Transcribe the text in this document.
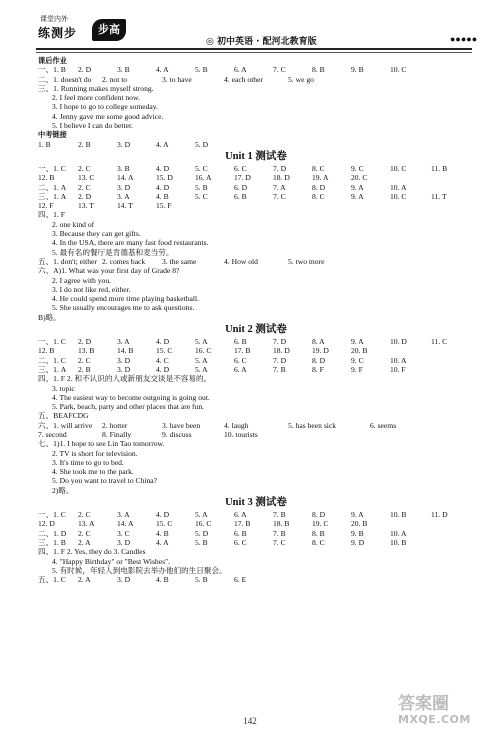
课堂内外
练测步	步高
◎ 初中英语 · 配河北教育版	●●●●●
课后作业
一、1. B 2. D	3. B	4. A	5. B	6. A	7. C	8. B	9. B	10. C
二、1. doesn't do 2. not to	3. to have	4. each other	5. we go
三、1. Running makes myself strong.
2. I feel more confident now.
3. I hope to go to college someday.
4. Jenny gave me some good advice.
5. I believe I can do better.
中考链接
1. B	2. B	3. D	4. A	5. D
Unit 1 测试卷
一、1. C 2. C	3. B	4. D	5. C	6. C	7. D	8. C	9. C	10. C	11. B
12. B	13. C	14. A	15. D	16. A	17. D	18. D	19. A	20. C
二、1. A 2. C	3. D	4. D	5. B	6. D	7. A	8. D	9. A	10. A
三、1. A 2. D	3. A	4. B	5. C	6. B	7. C	8. C	9. A	10. C	11. T
12. F	13. T	14. T	15. F
四、1. F
2. one kind of
3. Because they can get gifts.
4. In the USA, there are many fast food restaurants.
5. 最有名的餐厅是肯德基和麦当劳。
五、1. don't; either 2. comes back 3. the same	4. How old	5. two more
六、A)1. What was your first day of Grade 8?
2. I agree with you.
3. I do not like red, either.
4. He could spend more time playing basketball.
5. She usually encourages me to ask questions.
B)略。
Unit 2 测试卷
一、1. C 2. D	3. A	4. D	5. A	6. B	7. D	8. A	9. A	10. D	11. C
12. B	13. B	14. B	15. C	16. C	17. B	18. D	19. D	20. B
二、1. C 2. C	3. D	4. C	5. A	6. C	7. D	8. D	9. C	10. A
三、1. A 2. B	3. D	4. D	5. A	6. A	7. B	8. F	9. F	10. F
四、1. F 2. 和不认识的人或新朋友交谈是不容易的。
3. topic
4. The easiest way to become outgoing is going out.
5. Park, beach, party and other places that are fun.
五、BEAFCDG
六、1. will arrive 2. hotter	3. have been	4. laugh	5. has been sick	6. seems
7. second	8. Finally	9. discuss	10. tourists
七、1)1. I hope to see Lin Tao tomorrow.
2. TV is short for television.
3. It's time to go to bed.
4. She took me to the park.
5. Do you want to travel to China?
2)略。
Unit 3 测试卷
一、1. C 2. C	3. A	4. D	5. A	6. A	7. B	8. D	9. A	10. B	11. D
12. D	13. A	14. A	15. C	16. C	17. B	18. B	19. C	20. B
二、1. D 2. C	3. C	4. B	5. D	6. B	7. B	8. B	9. B	10. A
三、1. B 2. A	3. D	4. A	5. B	6. C	7. C	8. C	9. D	10. B
四、1. F 2. Yes, they do 3. Candles
4. "Happy Birthday" or "Best Wishes".
5. 有时候，年轻人到电影院去举办他们的生日聚会。
五、1. C 2. A	3. D	4. B	5. B	6. E
142
答案圈
MXQE.COM
